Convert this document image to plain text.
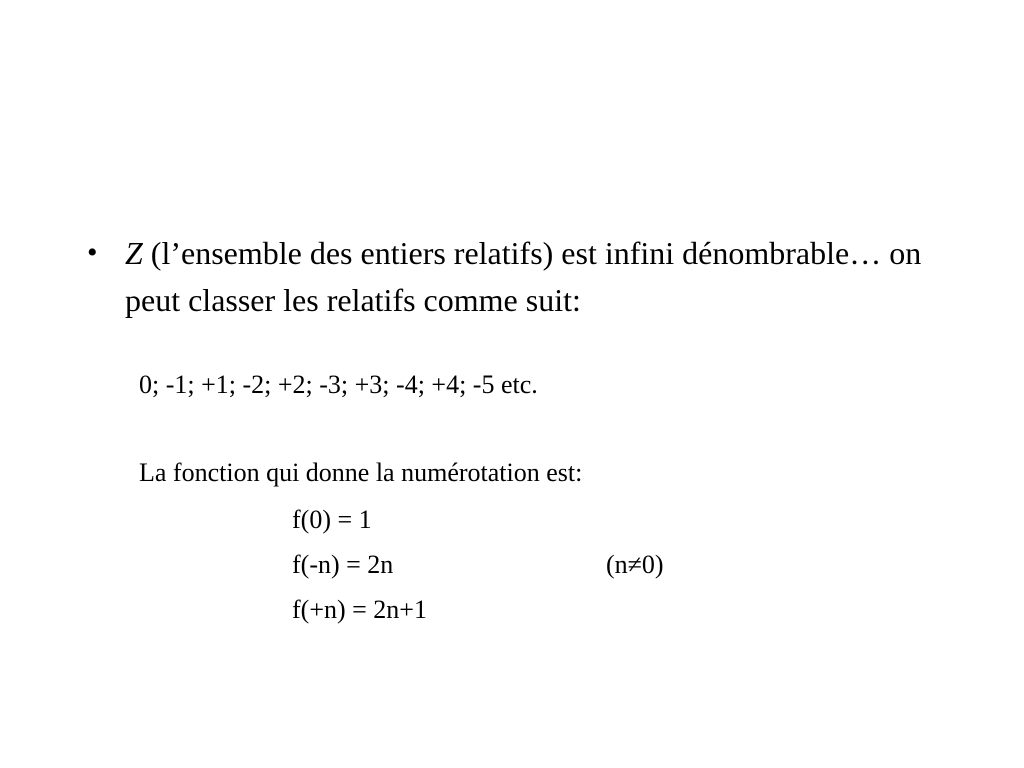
• Z (l’ensemble des entiers relatifs) est infini dénombrable… on peut classer les relatifs comme suit:
0; -1; +1; -2; +2; -3; +3; -4; +4; -5 etc.
La fonction qui donne la numérotation est:
f(0) = 1
f(-n) = 2n	(n≠0)
f(+n) = 2n+1
